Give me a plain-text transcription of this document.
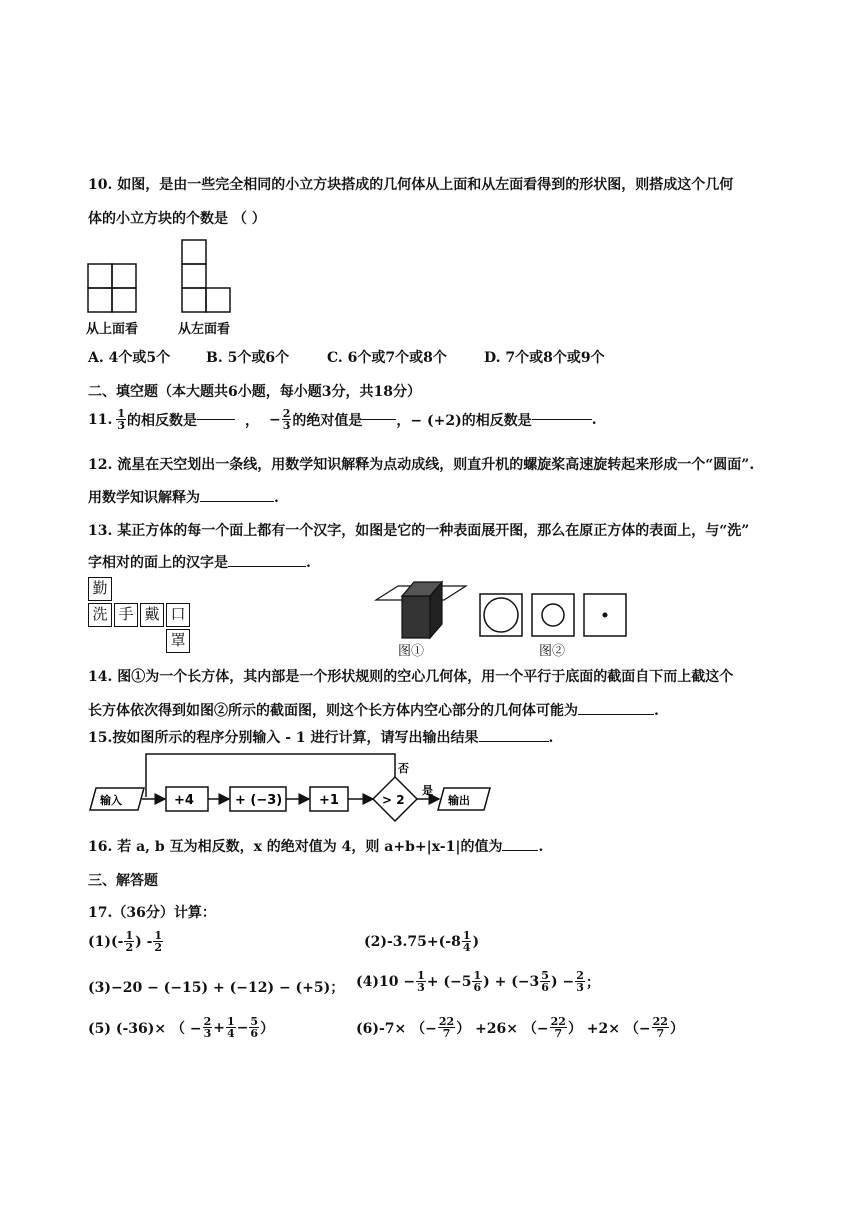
10. 如图，是由一些完全相同的小立方块搭成的几何体从上面和从左面看得到的形状图，则搭成这个几何
体的小立方块的个数是 （ ）
从上面看	从左面看
A. 4个或5个	B. 5个或6个	C. 6个或7个或8个	D. 7个或8个或9个
二、填空题（本大题共6小题，每小题3分，共18分）
11. $\frac{1}{3}$ 的相反数是	， − $\frac{2}{3}$ 的绝对值是 ，− (+2)的相反数是	.
12. 流星在天空划出一条线，用数学知识解释为点动成线，则直升机的螺旋桨高速旋转起来形成一个“圆面”.
用数学知识解释为	.
13. 某正方体的每一个面上都有一个汉字，如图是它的一种表面展开图，那么在原正方体的表面上，与“洗”
字相对的面上的汉字是	.
勤
洗 手 戴 口
罩
图①	图②
14. 图①为一个长方体，其内部是一个形状规则的空心几何体，用一个平行于底面的截面自下而上截这个
长方体依次得到如图②所示的截面图，则这个长方体内空心部分的几何体可能为	.
15.按如图所示的程序分别输入 - 1 进行计算，请写出输出结果	.
输入	+4	+ (−3)	+1	> 2
否
是
输出
16. 若 a, b 互为相反数，x 的绝对值为 4，则 a+b+|x-1|的值为	.
三、解答题
17.（36分）计算：
$(1)(- \frac{1}{2}$ ) - $\frac{1}{2}$	$(2)-3.75+(-8 \frac{1}{4}$ )
(3)−20 − (−15) + (−12) − (+5)； $(4)10 - \frac{1}{3} + (-5 \frac{1}{6}$ ) + ($-3 \frac{5}{6}$ ) − $\frac{2}{3}$ ；
(5) (-36)× （ − $\frac{2}{3} + \frac{1}{4} - \frac{5}{6}$ ）	(6)-7× （− $\frac{22}{7}$ ） +26× （− $\frac{22}{7}$ ） +2× （− $\frac{22}{7}$ ）
